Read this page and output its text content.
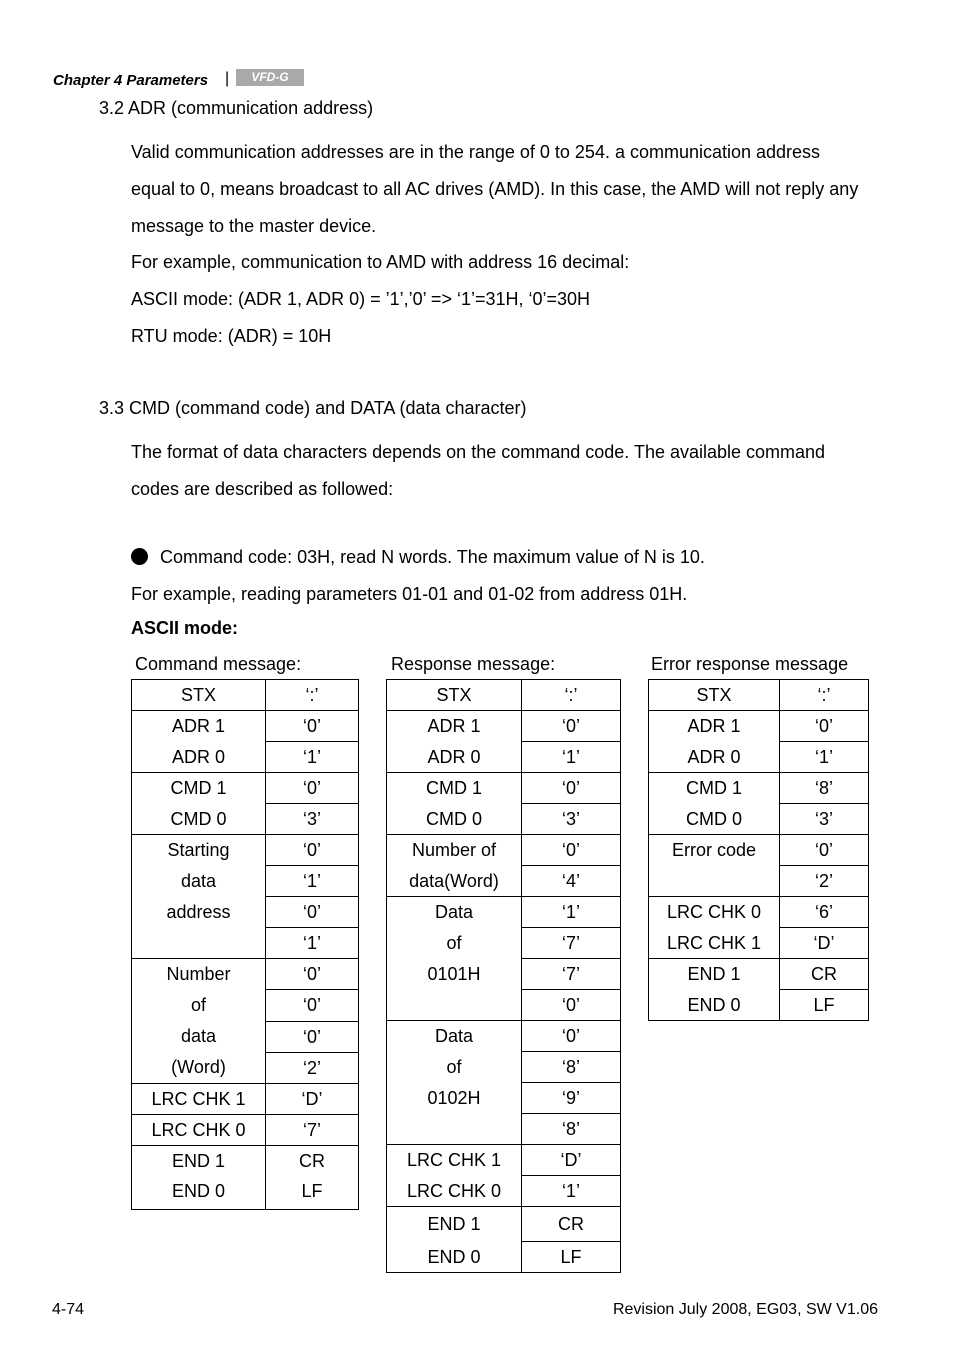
Chapter 4 Parameters |	VFD-G
3.2 ADR (communication address)
Valid communication addresses are in the range of 0 to 254. a communication address
equal to 0, means broadcast to all AC drives (AMD). In this case, the AMD will not reply any
message to the master device.
For example, communication to AMD with address 16 decimal:
ASCII mode: (ADR 1, ADR 0) = ’1’,’0’ => ‘1’=31H, ‘0’=30H
RTU mode: (ADR) = 10H
3.3 CMD (command code) and DATA (data character)
The format of data characters depends on the command code. The available command
codes are described as followed:
Command code: 03H, read N words. The maximum value of N is 10.
For example, reading parameters 01-01 and 01-02 from address 01H.
ASCII mode:
Command message:	Response message:	Error response message
STX	‘:’
ADR 1	‘0’
ADR 0	‘1’
CMD 1	‘0’
CMD 0	‘3’

Starting
data
address	‘0’
	‘1’
	‘0’
	‘1’

Number
of
data
(Word)	‘0’
	‘0’
	‘0’
	‘2’
LRC CHK 1	‘D’
LRC CHK 0	‘7’
END 1	CR
END 0	LF
STX	‘:’
ADR 1	‘0’
ADR 0	‘1’
CMD 1	‘0’
CMD 0	‘3’
Number of	‘0’
data(Word)	‘4’

Data
of
0101H	‘1’
	‘7’
	‘7’
	‘0’

Data
of
0102H	‘0’
	‘8’
	‘9’
	‘8’
LRC CHK 1	‘D’
LRC CHK 0	‘1’
END 1	CR
END 0	LF
STX	‘:’
ADR 1	‘0’
ADR 0	‘1’
CMD 1	‘8’
CMD 0	‘3’
Error code	‘0’
	‘2’
LRC CHK 0	‘6’
LRC CHK 1	‘D’
END 1	CR
END 0	LF
4-74	Revision July 2008, EG03, SW V1.06
